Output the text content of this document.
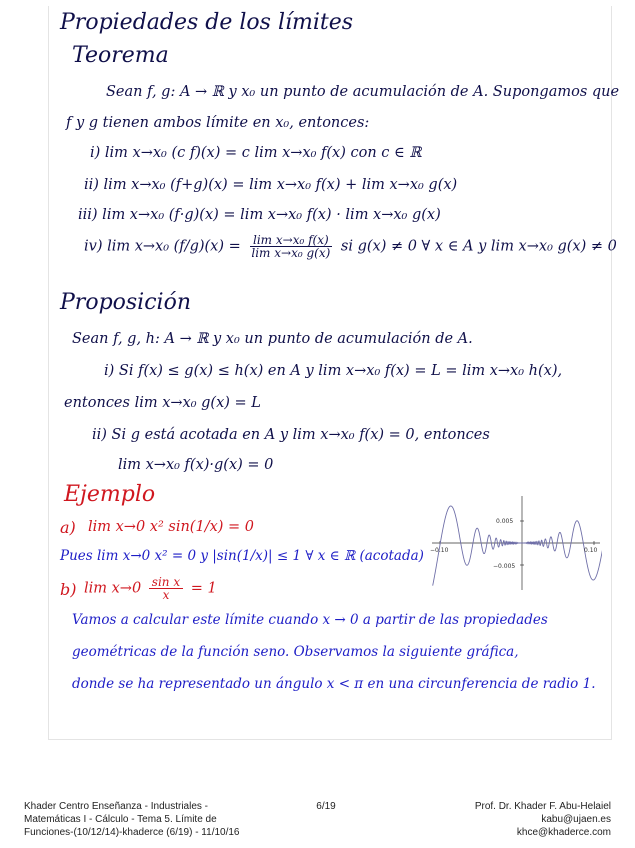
Propiedades de los límites
Teorema
Sean f, g: A → ℝ y x₀ un punto de acumulación de A. Supongamos que
f y g tienen ambos límite en x₀, entonces:
i) lim x→x₀ (c f)(x) = c lim x→x₀ f(x) con c ∈ ℝ
ii) lim x→x₀ (f+g)(x) = lim x→x₀ f(x) + lim x→x₀ g(x)
iii) lim x→x₀ (f·g)(x) = lim x→x₀ f(x) · lim x→x₀ g(x)
iv) lim x→x₀ $(f/g)(x) = \frac{\text{lim x→x₀ f(x)}}{\text{lim x→x₀ g(x)}}$ si g(x) ≠ 0 ∀ x ∈ A y lim x→x₀ g(x) ≠ 0
Proposición
Sean f, g, h: A → ℝ y x₀ un punto de acumulación de A.
i) Si f(x) ≤ g(x) ≤ h(x) en A y lim x→x₀ f(x) = L = lim x→x₀ h(x),
entonces lim x→x₀ g(x) = L
ii) Si g está acotada en A y lim x→x₀ f(x) = 0, entonces
lim x→x₀ f(x)·g(x) = 0
Ejemplo
a) lim x→0 x² sin(1/x) = 0
Pues lim x→0 x² = 0 y |sin(1/x)| ≤ 1 ∀ x ∈ ℝ (acotada)
0.005
−0.005
−0.10	0.10
b) $\lim x\to 0 \frac{\text{sin x}}{x} = 1$
Vamos a calcular este límite cuando x → 0 a partir de las propiedades
geométricas de la función seno. Observamos la siguiente gráfica,
donde se ha representado un ángulo x < π en una circunferencia de radio 1.
Khader Centro Enseñanza - Industriales -
Matemáticas I - Cálculo - Tema 5. Límite de
Funciones-(10/12/14)-khaderce (6/19) - 11/10/16
6/19	Prof. Dr. Khader F. Abu-Helaiel
kabu@ujaen.es
khce@khaderce.com
